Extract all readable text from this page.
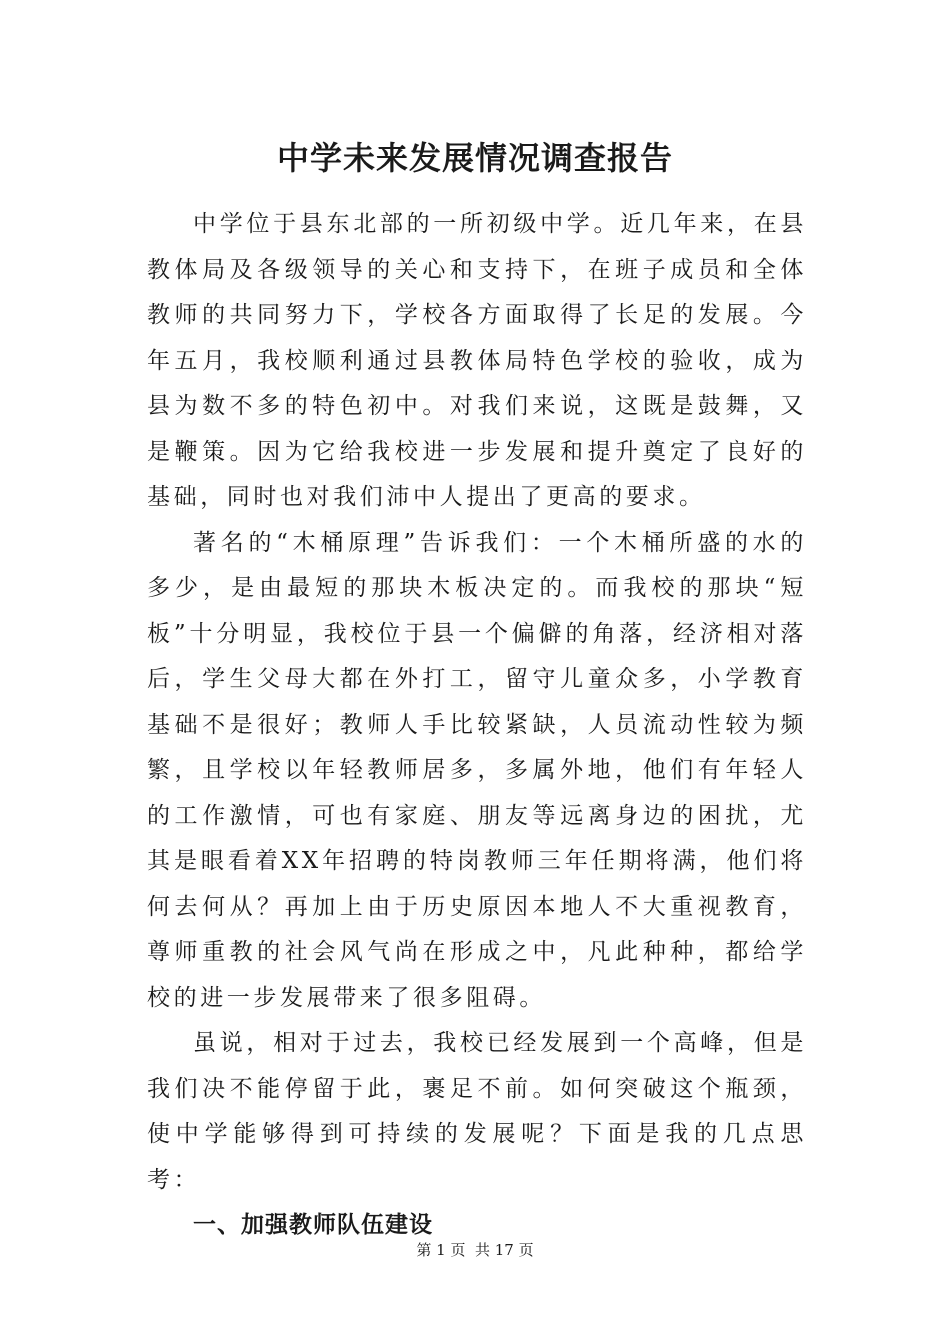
中学未来发展情况调查报告

中学位于县东北部的一所初级中学。近几年来，在县教体局及各级领导的关心和支持下，在班子成员和全体教师的共同努力下，学校各方面取得了长足的发展。今年五月，我校顺利通过县教体局特色学校的验收，成为县为数不多的特色初中。对我们来说，这既是鼓舞，又是鞭策。因为它给我校进一步发展和提升奠定了良好的基础，同时也对我们沛中人提出了更高的要求。

著名的“木桶原理”告诉我们：一个木桶所盛的水的多少，是由最短的那块木板决定的。而我校的那块“短板”十分明显，我校位于县一个偏僻的角落，经济相对落后，学生父母大都在外打工，留守儿童众多，小学教育基础不是很好；教师人手比较紧缺，人员流动性较为频繁，且学校以年轻教师居多，多属外地，他们有年轻人的工作激情，可也有家庭、朋友等远离身边的困扰，尤其是眼看着XX年招聘的特岗教师三年任期将满，他们将何去何从？再加上由于历史原因本地人不大重视教育，尊师重教的社会风气尚在形成之中，凡此种种，都给学校的进一步发展带来了很多阻碍。

虽说，相对于过去，我校已经发展到一个高峰，但是我们决不能停留于此，裹足不前。如何突破这个瓶颈，使中学能够得到可持续的发展呢？下面是我的几点思考：

一、加强教师队伍建设

第 1 页 共 17 页
